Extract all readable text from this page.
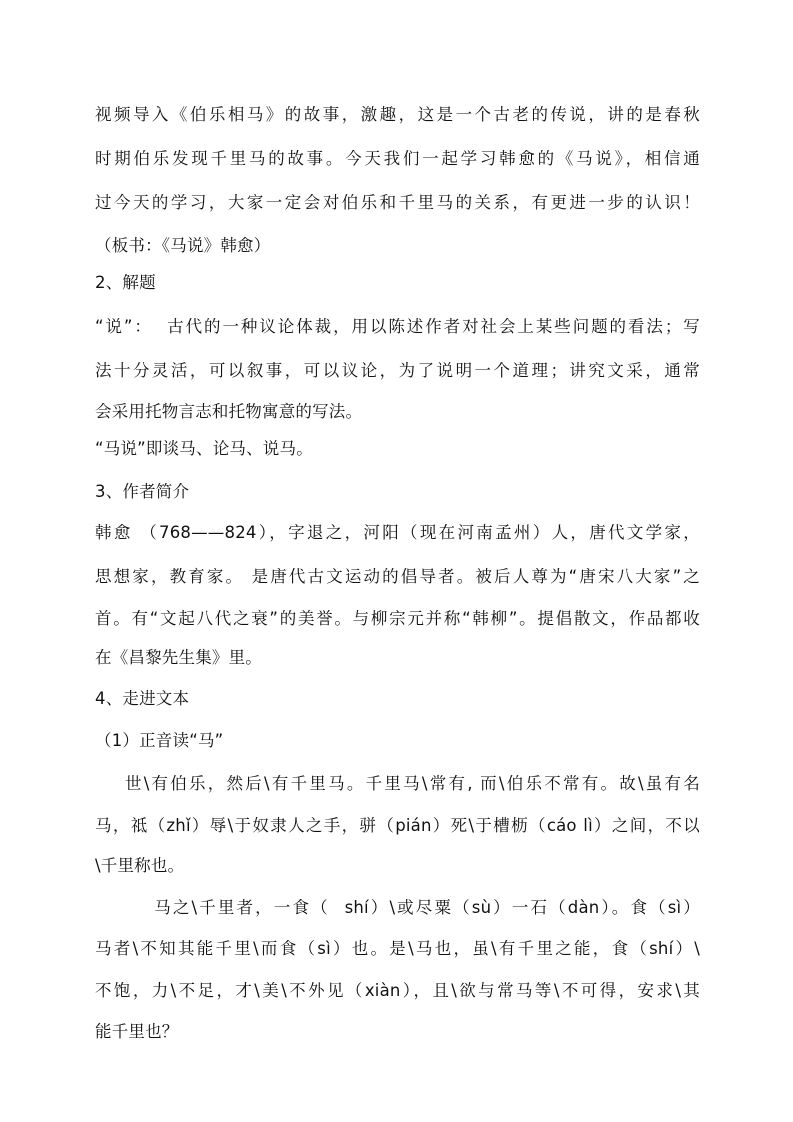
视频导入《伯乐相马》的故事，激趣，这是一个古老的传说，讲的是春秋
时期伯乐发现千里马的故事。今天我们一起学习韩愈的《马说》，相信通
过今天的学习，大家一定会对伯乐和千里马的关系，有更进一步的认识！
（板书：《马说》韩愈）
2、解题
“说”：  古代的一种议论体裁，用以陈述作者对社会上某些问题的看法；写
法十分灵活，可以叙事，可以议论，为了说明一个道理；讲究文采，通常
会采用托物言志和托物寓意的写法。
“马说”即谈马、论马、说马。
3、作者简介
韩愈 （768——824），字退之，河阳（现在河南孟州）人，唐代文学家，
思想家，教育家。 是唐代古文运动的倡导者。被后人尊为“唐宋八大家”之
首。有“文起八代之衰”的美誉。与柳宗元并称“韩柳”。提倡散文，作品都收
在《昌黎先生集》里。
4、走进文本
（1）正音读“马”
世\有伯乐，然后\有千里马。千里马\常有, 而\伯乐不常有。故\虽有名
马，祗（zhǐ）辱\于奴隶人之手，骈（pián）死\于槽枥（cáo lì）之间，不以
\千里称也。
马之\千里者，一食（  shí）\或尽粟（sù）一石（dàn）。食（sì）
马者\不知其能千里\而食（sì）也。是\马也，虽\有千里之能，食（shí）\
不饱，力\不足，才\美\不外见（xiàn），且\欲与常马等\不可得，安求\其
能千里也？
